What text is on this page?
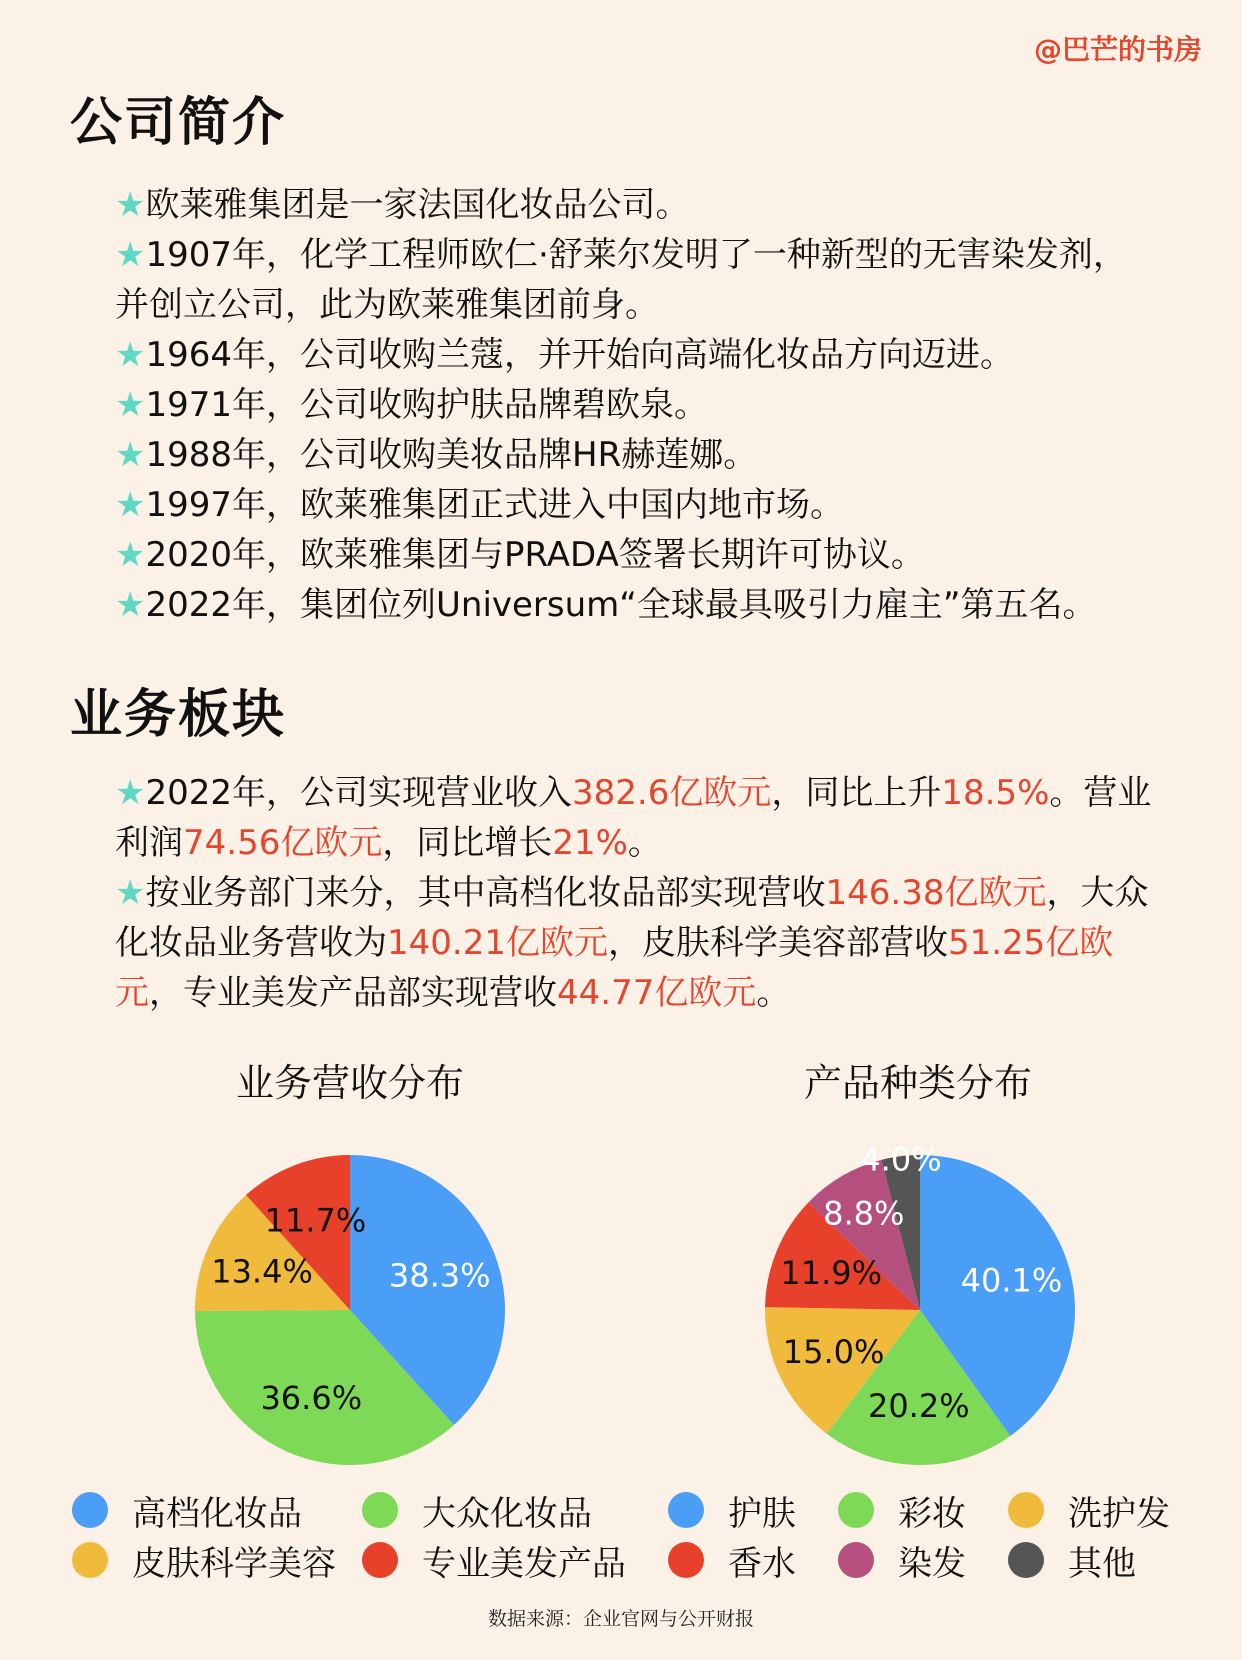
@巴芒的书房
公司简介

★欧莱雅集团是一家法国化妆品公司。

★1907年，化学工程师欧仁·舒莱尔发明了一种新型的无害染发剂，并创立公司，此为欧莱雅集团前身。

★1964年，公司收购兰蔻，并开始向高端化妆品方向迈进。

★1971年，公司收购护肤品牌碧欧泉。

★1988年，公司收购美妆品牌HR赫莲娜。

★1997年，欧莱雅集团正式进入中国内地市场。

★2020年，欧莱雅集团与PRADA签署长期许可协议。

★2022年，集团位列Universum“全球最具吸引力雇主”第五名。

业务板块

★2022年，公司实现营业收入382.6亿欧元，同比上升18.5%。营业利润74.56亿欧元，同比增长21%。

★按业务部门来分，其中高档化妆品部实现营收146.38亿欧元，大众化妆品业务营收为140.21亿欧元，皮肤科学美容部营收51.25亿欧元，专业美发产品部实现营收44.77亿欧元。

业务营收分布	产品种类分布
38.3%
36.6%
13.4%
11.7%
40.1%
20.2%
15.0%
11.9%
8.8%
4.0%
高档化妆品	大众化妆品
皮肤科学美容	专业美发产品
护肤	彩妆	洗护发
香水	染发	其他
数据来源：企业官网与公开财报
